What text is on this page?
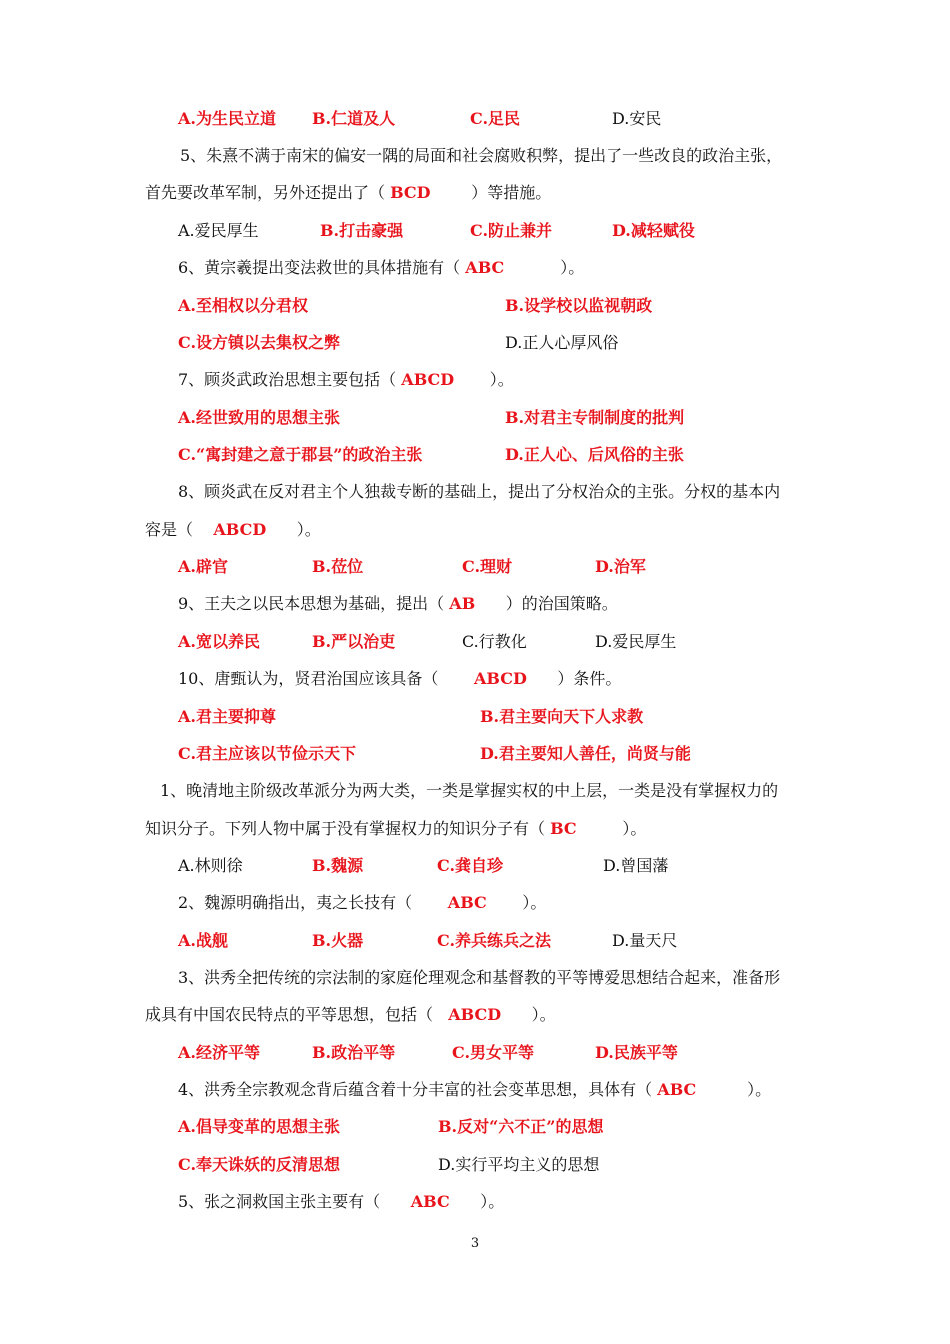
A.为生民立道 B.仁道及人	C.足民	D.安民
5、朱熹不满于南宋的偏安一隅的局面和社会腐败积弊，提出了一些改良的政治主张，
首先要改革军制，另外还提出了（ BCD        ）等措施。
A.爱民厚生	B.打击豪强	C.防止兼并	D.减轻赋役
6、黄宗羲提出变法救世的具体措施有（ ABC           ）。
A.至相权以分君权	B.设学校以监视朝政
C.设方镇以去集权之弊	D.正人心厚风俗
7、顾炎武政治思想主要包括（ ABCD       ）。
A.经世致用的思想主张	B.对君主专制制度的批判
C.“寓封建之意于郡县”的政治主张	D.正人心、后风俗的主张
8、顾炎武在反对君主个人独裁专断的基础上，提出了分权治众的主张。分权的基本内
容是（    ABCD      ）。
A.辟官	B.莅位	C.理财	D.治军
9、王夫之以民本思想为基础，提出（ AB      ）的治国策略。
A.宽以养民	B.严以治吏	C.行教化	D.爱民厚生
10、唐甄认为，贤君治国应该具备（       ABCD      ）条件。
A.君主要抑尊	B.君主要向天下人求教
C.君主应该以节俭示天下	D.君主要知人善任，尚贤与能
1、晚清地主阶级改革派分为两大类，一类是掌握实权的中上层，一类是没有掌握权力的
知识分子。下列人物中属于没有掌握权力的知识分子有（ BC         ）。
A.林则徐	B.魏源	C.龚自珍	D.曾国藩
2、魏源明确指出，夷之长技有（       ABC       ）。
A.战舰	B.火器	C.养兵练兵之法	D.量天尺
3、洪秀全把传统的宗法制的家庭伦理观念和基督教的平等博爱思想结合起来，准备形
成具有中国农民特点的平等思想，包括（   ABCD      ）。
A.经济平等	B.政治平等	C.男女平等	D.民族平等
4、洪秀全宗教观念背后蕴含着十分丰富的社会变革思想，具体有（ ABC          ）。
A.倡导变革的思想主张	B.反对“六不正”的思想
C.奉天诛妖的反清思想	D.实行平均主义的思想
5、张之洞救国主张主要有（      ABC      ）。
3
